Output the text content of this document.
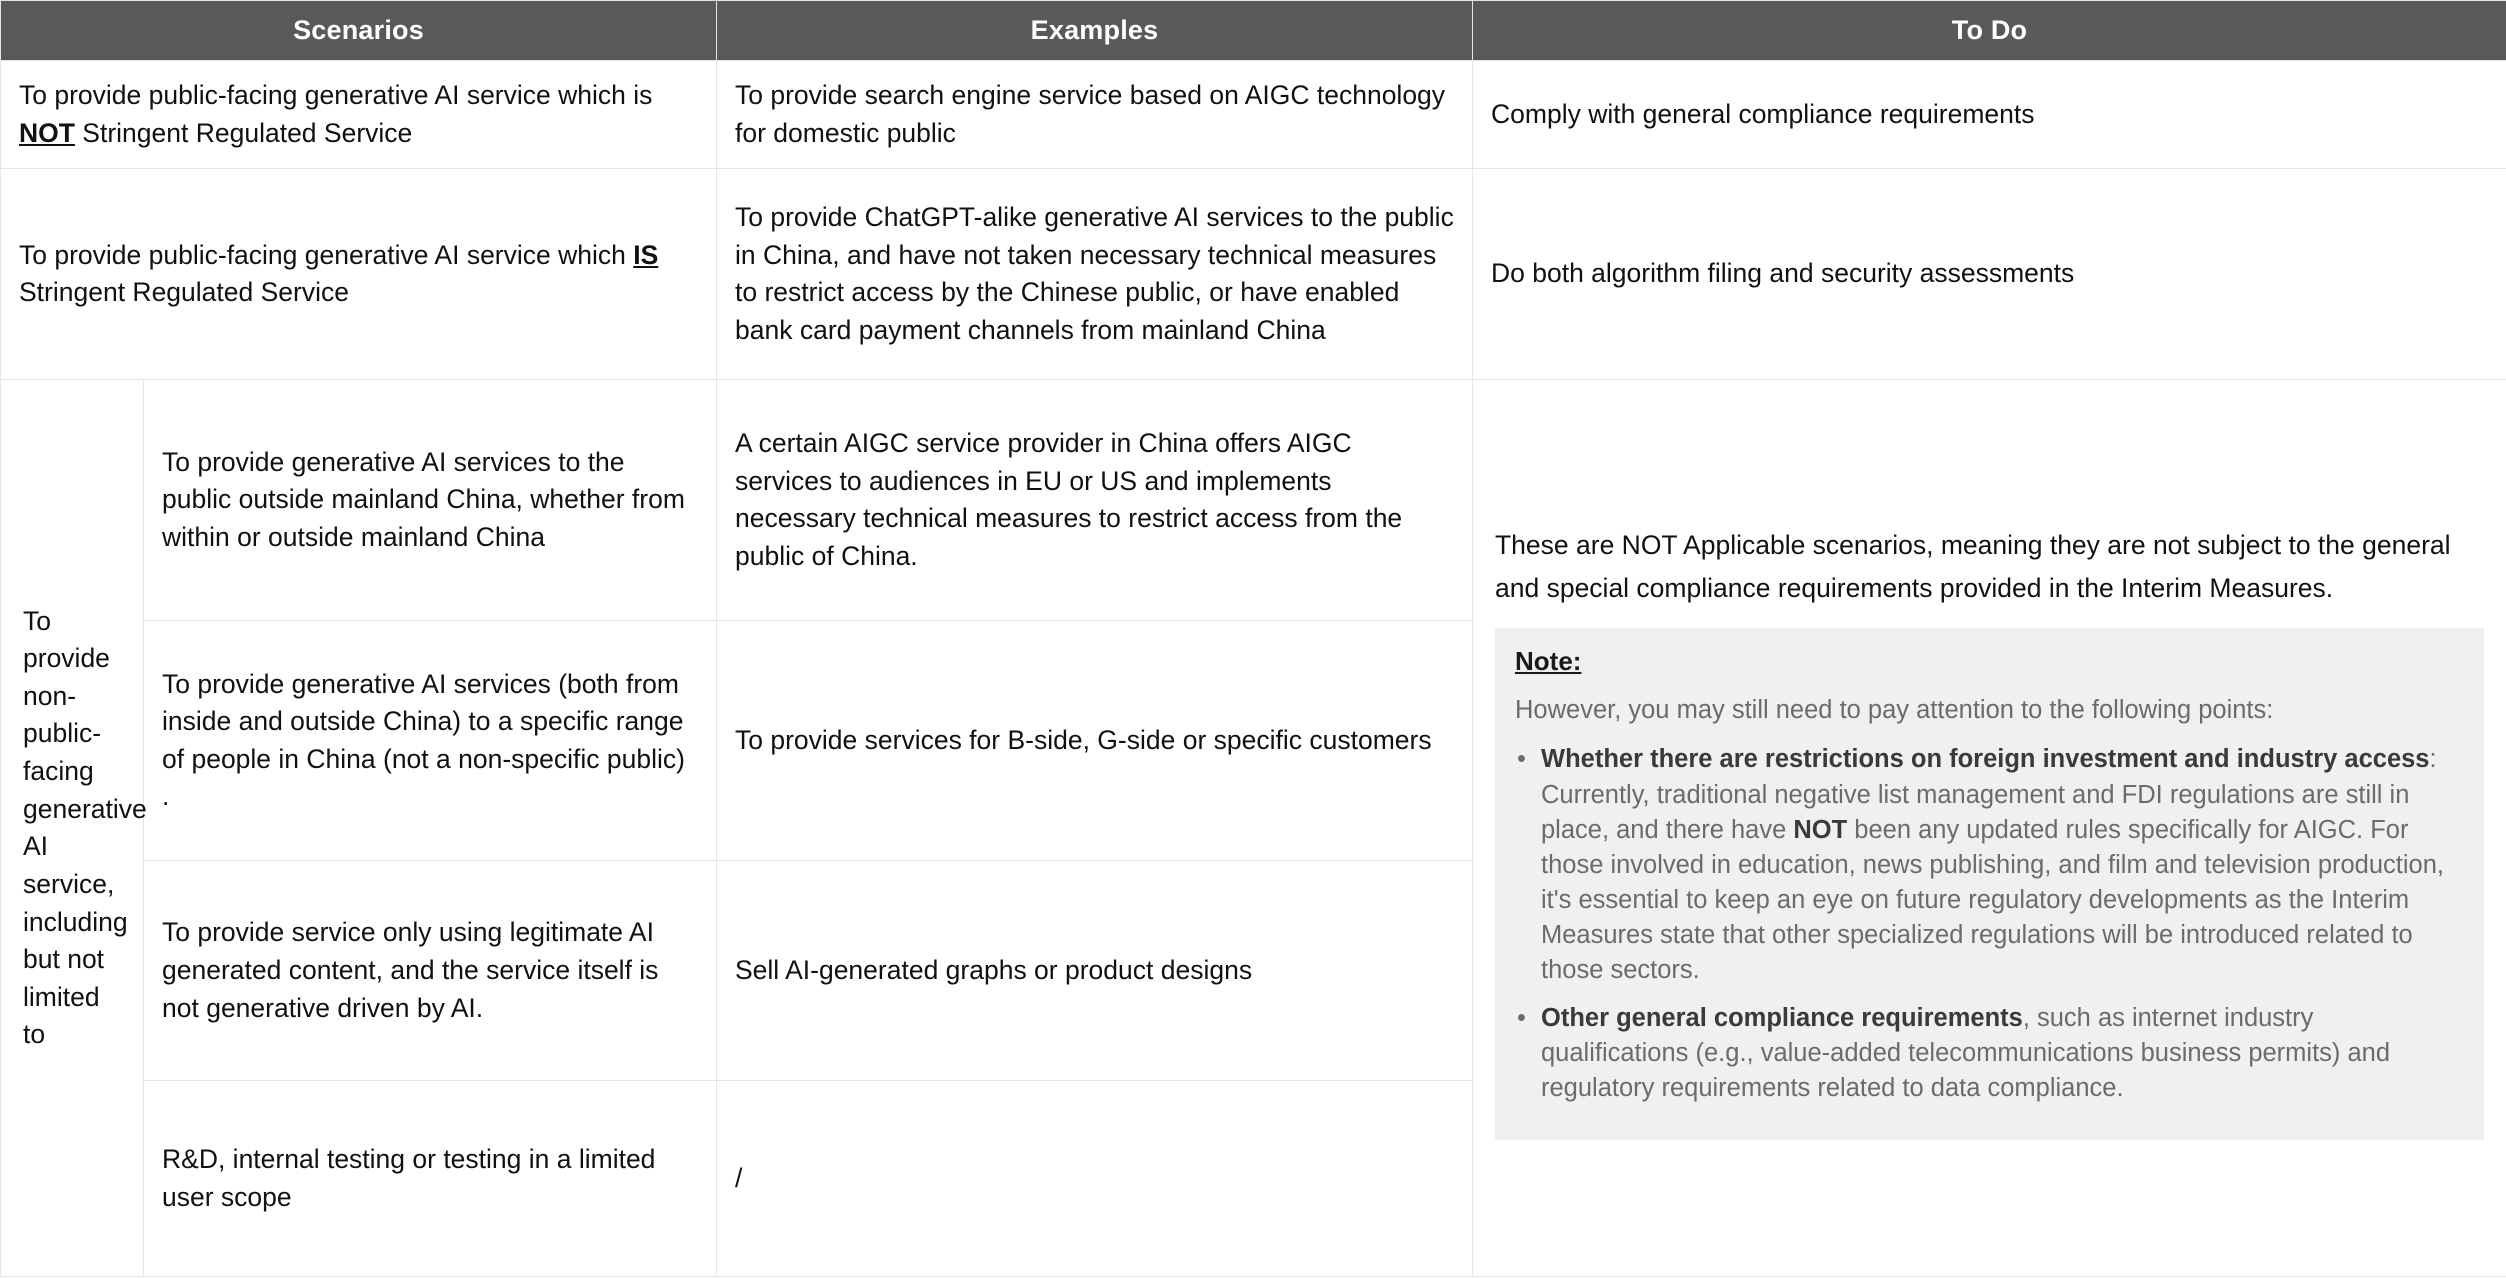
Scenarios		Examples	To Do
To provide public-facing generative AI service which is NOT Stringent Regulated Service		To provide search engine service based on AIGC technology for domestic public	Comply with general compliance requirements
To provide public-facing generative AI service which IS Stringent Regulated Service		To provide ChatGPT-alike generative AI services to the public in China, and have not taken necessary technical measures to restrict access by the Chinese public, or have enabled bank card payment channels from mainland China	Do both algorithm filing and security assessments
To provide non-public-facing generative AI service, including but not limited to	To provide generative AI services to the public outside mainland China, whether from within or outside mainland China	A certain AIGC service provider in China offers AIGC services to audiences in EU or US and implements necessary technical measures to restrict access from the public of China.	These are NOT Applicable scenarios, meaning they are not subject to the general and special compliance requirements provided in the Interim Measures.
Note:
However, you may still need to pay attention to the following points:
• Whether there are restrictions on foreign investment and industry access: Currently, traditional negative list management and FDI regulations are still in place, and there have NOT been any updated rules specifically for AIGC. For those involved in education, news publishing, and film and television production, it's essential to keep an eye on future regulatory developments as the Interim Measures state that other specialized regulations will be introduced related to those sectors.
• Other general compliance requirements, such as internet industry qualifications (e.g., value-added telecommunications business permits) and regulatory requirements related to data compliance.

	To provide generative AI services (both from inside and outside China) to a specific range of people in China (not a non-specific public) .	To provide services for B-side, G-side or specific customers	
	To provide service only using legitimate AI generated content, and the service itself is not generative driven by AI.	Sell AI-generated graphs or product designs	
	R&D, internal testing or testing in a limited user scope	/	
